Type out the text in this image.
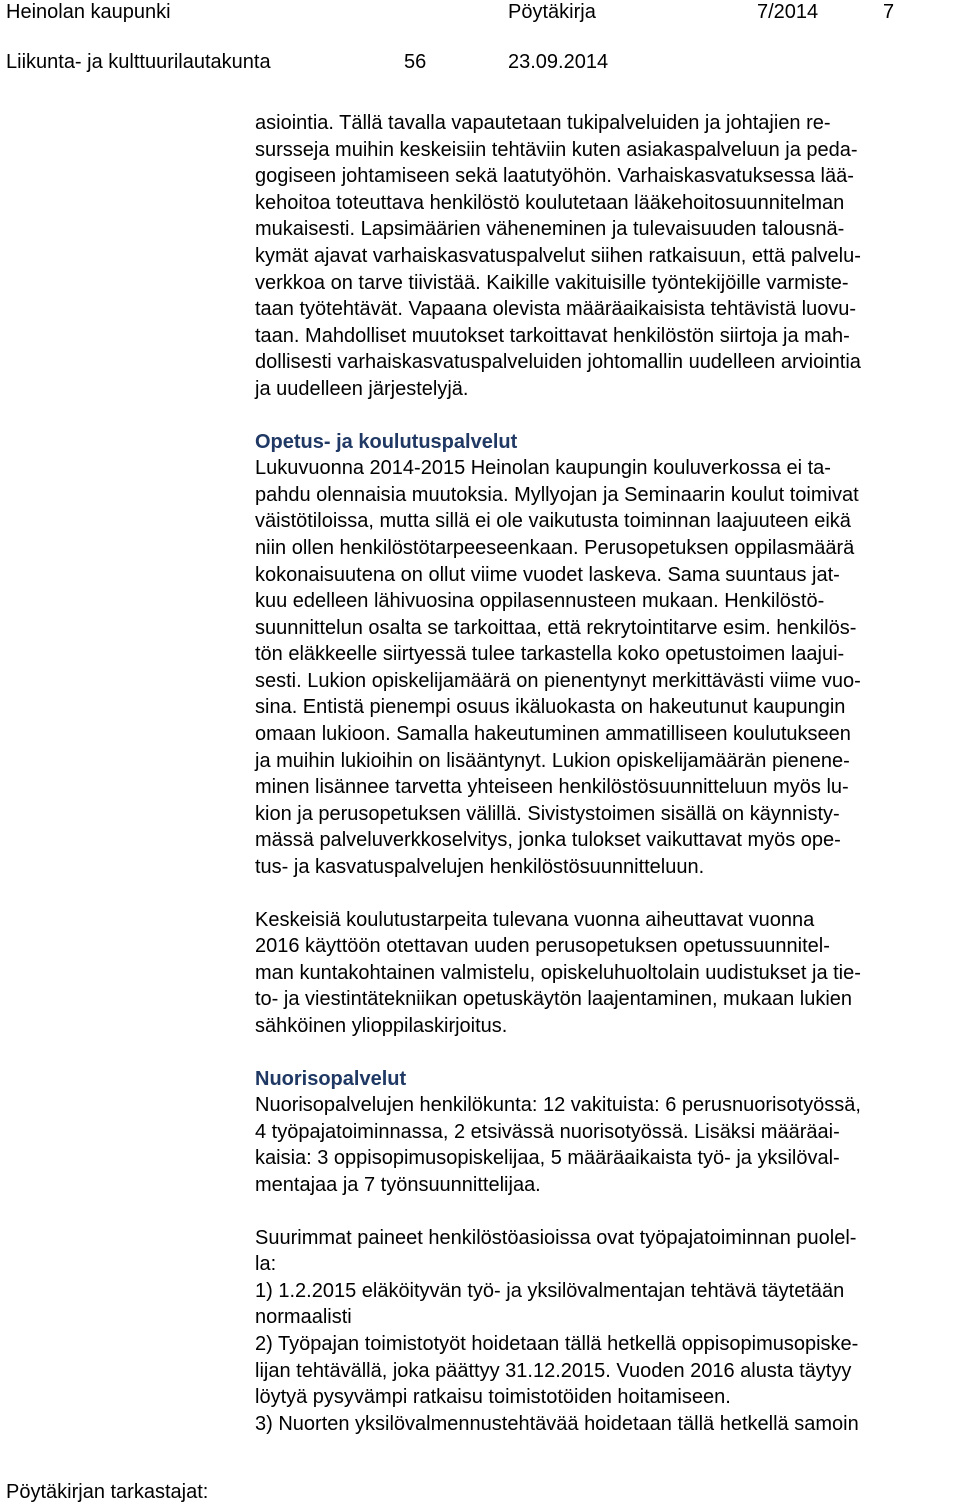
Heinolan kaupunki	Pöytäkirja	7/2014	7
Liikunta- ja kulttuurilautakunta	56	23.09.2014
asiointia. Tällä tavalla vapautetaan tukipalveluiden ja johtajien re-
sursseja muihin keskeisiin tehtäviin kuten asiakaspalveluun ja peda-
gogiseen johtamiseen sekä laatutyöhön. Varhaiskasvatuksessa lää-
kehoitoa toteuttava henkilöstö koulutetaan lääkehoitosuunnitelman
mukaisesti. Lapsimäärien väheneminen ja tulevaisuuden talousnä-
kymät ajavat varhaiskasvatuspalvelut siihen ratkaisuun, että palvelu-
verkkoa on tarve tiivistää. Kaikille vakituisille työntekijöille varmiste-
taan työtehtävät. Vapaana olevista määräaikaisista tehtävistä luovu-
taan. Mahdolliset muutokset tarkoittavat henkilöstön siirtoja ja mah-
dollisesti varhaiskasvatuspalveluiden johtomallin uudelleen arviointia
ja uudelleen järjestelyjä.
Opetus- ja koulutuspalvelut
Lukuvuonna 2014-2015 Heinolan kaupungin kouluverkossa ei ta-
pahdu olennaisia muutoksia. Myllyojan ja Seminaarin koulut toimivat
väistötiloissa, mutta sillä ei ole vaikutusta toiminnan laajuuteen eikä
niin ollen henkilöstötarpeeseenkaan. Perusopetuksen oppilasmäärä
kokonaisuutena on ollut viime vuodet laskeva. Sama suuntaus jat-
kuu edelleen lähivuosina oppilasennusteen mukaan. Henkilöstö-
suunnittelun osalta se tarkoittaa, että rekrytointitarve esim. henkilös-
tön eläkkeelle siirtyessä tulee tarkastella koko opetustoimen laajui-
sesti. Lukion opiskelijamäärä on pienentynyt merkittävästi viime vuo-
sina. Entistä pienempi osuus ikäluokasta on hakeutunut kaupungin
omaan lukioon. Samalla hakeutuminen ammatilliseen koulutukseen
ja muihin lukioihin on lisääntynyt. Lukion opiskelijamäärän pienene-
minen lisännee tarvetta yhteiseen henkilöstösuunnitteluun myös lu-
kion ja perusopetuksen välillä. Sivistystoimen sisällä on käynnisty-
mässä palveluverkkoselvitys, jonka tulokset vaikuttavat myös ope-
tus- ja kasvatuspalvelujen henkilöstösuunnitteluun.
Keskeisiä koulutustarpeita tulevana vuonna aiheuttavat vuonna
2016 käyttöön otettavan uuden perusopetuksen opetussuunnitel-
man kuntakohtainen valmistelu, opiskeluhuoltolain uudistukset ja tie-
to- ja viestintätekniikan opetuskäytön laajentaminen, mukaan lukien
sähköinen ylioppilaskirjoitus.
Nuorisopalvelut
Nuorisopalvelujen henkilökunta: 12 vakituista: 6 perusnuorisotyössä,
4 työpajatoiminnassa, 2 etsivässä nuorisotyössä. Lisäksi määräai-
kaisia: 3 oppisopimusopiskelijaa, 5 määräaikaista työ- ja yksilöval-
mentajaa ja 7 työnsuunnittelijaa.
Suurimmat paineet henkilöstöasioissa ovat työpajatoiminnan puolel-
la:
1) 1.2.2015 eläköityvän työ- ja yksilövalmentajan tehtävä täytetään
normaalisti
2) Työpajan toimistotyöt hoidetaan tällä hetkellä oppisopimusopiske-
lijan tehtävällä, joka päättyy 31.12.2015. Vuoden 2016 alusta täytyy
löytyä pysyvämpi ratkaisu toimistotöiden hoitamiseen.
3) Nuorten yksilövalmennustehtävää hoidetaan tällä hetkellä samoin
Pöytäkirjan tarkastajat:
